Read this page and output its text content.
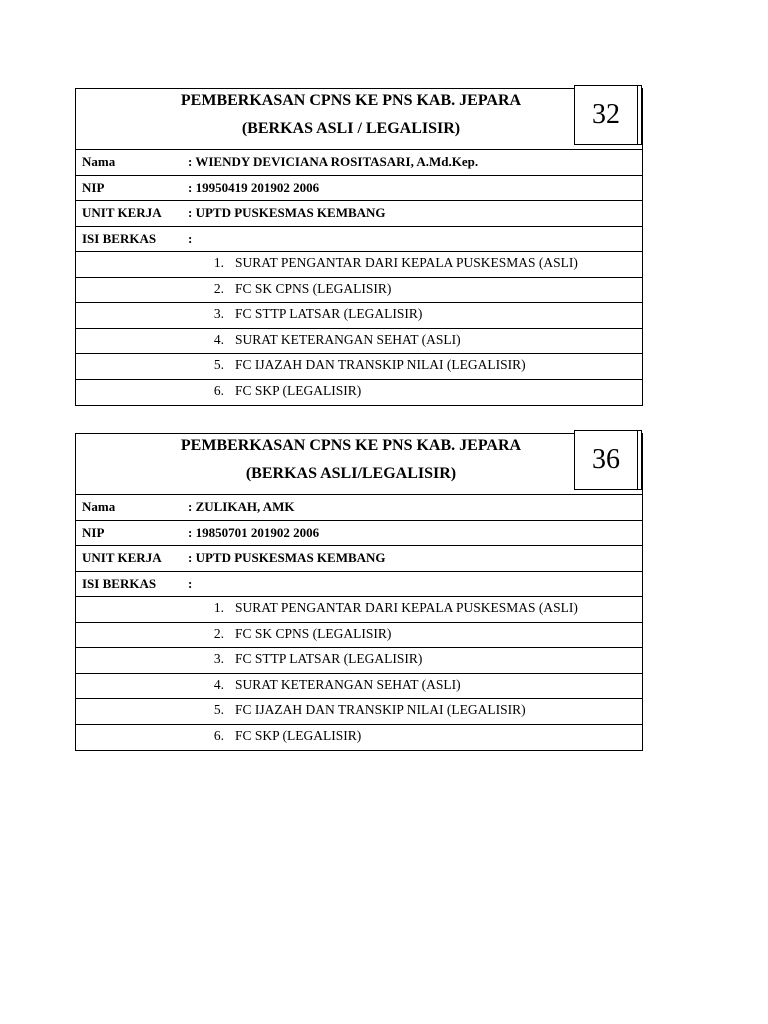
PEMBERKASAN CPNS KE PNS KAB. JEPARA
(BERKAS ASLI / LEGALISIR)	32
Nama	: WIENDY DEVICIANA ROSITASARI, A.Md.Kep.
NIP	: 19950419 201902 2006
UNIT KERJA : UPTD PUSKESMAS KEMBANG
ISI BERKAS :
1. SURAT PENGANTAR DARI KEPALA PUSKESMAS (ASLI)
2. FC SK CPNS (LEGALISIR)
3. FC STTP LATSAR (LEGALISIR)
4. SURAT KETERANGAN SEHAT (ASLI)
5. FC IJAZAH DAN TRANSKIP NILAI (LEGALISIR)
6. FC SKP (LEGALISIR)
PEMBERKASAN CPNS KE PNS KAB. JEPARA
(BERKAS ASLI/LEGALISIR)	36
Nama	: ZULIKAH, AMK
NIP	: 19850701 201902 2006
UNIT KERJA : UPTD PUSKESMAS KEMBANG
ISI BERKAS :
1. SURAT PENGANTAR DARI KEPALA PUSKESMAS (ASLI)
2. FC SK CPNS (LEGALISIR)
3. FC STTP LATSAR (LEGALISIR)
4. SURAT KETERANGAN SEHAT (ASLI)
5. FC IJAZAH DAN TRANSKIP NILAI (LEGALISIR)
6. FC SKP (LEGALISIR)
